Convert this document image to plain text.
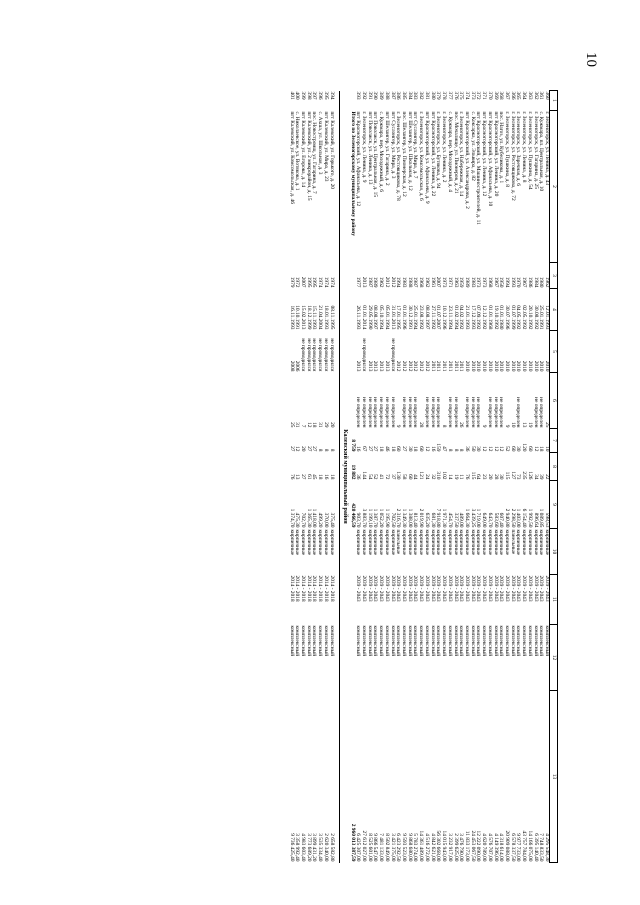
10
1	2	3	4	5	6	7	8	9	10	11	12	13
360	г. Зеленогорск, ул. Ленина, д. 43	1962	12.01.1993	2010	25	10	22	598,53	кирпичные	2039 - 2043	комплексный	4 295 548,30
361	с. Кужмара, пл. Центральная, д. 10	1980	25.01.1991	2010	не определен	18	39	1 089,85	кирпичные	2039 - 2043	комплексный	7 748 833,50
362	г. Зеленогорск, ул. Гагарина, д. 25	1984	30.08.1992	2010	не определен	12	34	896,64	кирпичные	2039 - 2043	комплексный	6 395 140,40
363	г. Зеленогорск, ул. Пушкина, д. 54	1986	20.10.1992	2010	19	60	126	1 992,50	кирпичные	2039 - 2043	комплексный	14 166 075,00
364	г. Зеленогорск, ул. Ленина, д. 8	1967	02.05.1992	2010	13	120	235	6 154,40	кирпичные	2039 - 2043	комплексный	43 757 784,00
365	г. Зеленогорск, ул. Заречная, д. 6	1970	04.05.1992	2010	не определен	30	73	1 403,00	кирпичные	2039 - 2043	комплексный	9 977 733,00
366	г. Зеленогорск, ул. Ростовщикова, д. 72	1993	01.07.1999	2010	10	60	127	2 298,50	панельные	2039 - 2043	комплексный	6 578 337,50
367	г. Зеленогорск, ул. Пушкина, д. 8	1994	30.07.1996	2010	9	52	115	2 940,80	кирпичные	2039 - 2043	комплексный	20 909 088,00
368	пос. Нагоз, ул. Кубеликова, д. 1	1950	01.01.1980	2010	не определен	12	30	607,40	кирпичные	2039 - 2043	комплексный	4 318 614,00
369	пгт Красногорский, ул. Ленина, д. 20	1967	19.10.1992	2010	не определен	12	28	583,60	кирпичные	2039 - 2043	комплексный	4 149 396,00
370	пгт Красногорский, ул. Афанасьева, д. 10	1968	01.01.1968	2010	не определен	12	20	643,70	кирпичные	2039 - 2043	комплексный	4 576 707,00
371	пгт Красногорский, ул. Ленина, д. 12	1973	12.12.1992	2010	9	12	23	649,00	кирпичные	2039 - 2043	комплексный	4 620 789,00
372	пгт Красногорский, ул. Машиностроителей, д. 11	1973	07.09.1992	2010	не определен	30	64	1 719,00	кирпичные	2039 - 2043	комплексный	12 222 090,00
373	с. Коксарка, ул. Эльвира, д. 82	1983	17.12.1993	2010	не определен	50	115	3 439,25	кирпичные	2039 - 2043	комплексный	24 453 067,50
374	пгт Красногорский, ул. Александрова, д. 2	1989	21.01.1993	2010	не определен	36	76	1 664,30	кирпичные	2039 - 2043	комплексный	11 833 173,00
375	г. Зеленогорск, ул. Набережная, д. 14	1959	04.02.1992	2011	26	8	11	489,00	кирпичные	2039 - 2043	комплексный	3 476 790,00
376	пос. Мочалище, ул. Пионеров, д. 21	1963	01.02.1994	2011	не определен	8	19	337,50	кирпичные	2039 - 2043	комплексный	2 399 625,00
377	с. Кужмара, пер. Молодежный, д. 4	1971	23.11.1994	2011	не определен	8	14	454,70	кирпичные	2039 - 2043	комплексный	3 232 917,00
378	г. Зеленогорск, ул. Ленина, д. 2	1973	10.12.1996	2011	8	47	102	1 971,30	кирпичные	2039 - 2043	комплексный	14 015 943,00
379	г. Зеленогорск, ул. Бутякова, д. 94	2007	01.07.2007	2011	не определен	159	310	7 918,80	кирпичные	2039 - 2043	комплексный	56 302 668,00
380	пгт Красногорский, ул. Ленина, д. 22	1961	27.11.1992	2011	не определен	16	32	681,30	кирпичные	2039 - 2043	комплексный	4 842 621,00
381	пгт Красногорский, ул. Афанасьева, д. 9	1962	08.08.1997	2012	не определен	12	24	635,20	кирпичные	2039 - 2043	комплексный	4 516 272,00
382	г. Зеленогорск, ул. Комсомольская, д. 6	1968	23.08.1992	2012	28	60	121	2 019,90	кирпичные	2039 - 2043	комплексный	14 361 489,00
383	пгт Суслонгер, ул. Мира, д. 7	1987	25.01.1994	2012	не определен	18	44	813,40	кирпичные	2039 - 2043	комплексный	5 783 274,00
384	пгт Шелангер, ул. Школьная, д. 12	1988	30.12.1991	2012	не определен	30	60	1 388,00	кирпичные	2039 - 2043	комплексный	9 868 680,00
385	пос. Шелангер, ул. Пионерская, д. 12	1983	01.01.1996	2012	не определен	27	58	1 349,30	кирпичные	2039 - 2043	комплексный	9 593 523,00
386	г. Зеленогорск, ул. Ростовщикова, д. 78	1994	17.01.1995	2012	9	60	130	2 316,70	панельные	2039 - 2043	комплексный	6 423 292,50
387	пгт Суслонгер, ул. Мира, д. 3	2012	31.01.2013	не проводился	не определен	18	37	702,50	кирпичные	2039 - 2043	комплексный	3 421 375,00
388	пгт Шелангер, ул. Гагарина, д. 2	2012	05.01.1994	2013	не определен	46	72	1 195,90	кирпичные	2039 - 2043	комплексный	8 502 849,00
389	с. Кужмара, пер. Молодежный, д. 6	1962	05.10.1994	2013	не определен	18	41	1 052,20	кирпичные	2039 - 2043	комплексный	7 481 133,00
390	пгт Поволжск, ул. Центральная, д. 15	1989	08.08.1997	2013	не определен	27	52	1 387,70	кирпичные	2039 - 2043	комплексный	9 866 547,00
391	пгт Поволжск, ул. Ленина, д. 13	1987	29.05.1990	2013	не определен	27	54	1 199,10	кирпичные	2039 - 2043	комплексный	8 525 601,00
392	г. Зеленогорск, ул. Ленина, д. 9	2013	01.01.2014	не проводился	не определен	67	144	3 883,70	кирпичные	2039 - 2043	комплексный	27 612 027,00
393	пгт Красногорский, ул. Афанасьева, д. 12	1977	26.11.1993	2013	не определен	16	36	903,70	кирпичные	2039 - 2043	комплексный	6 425 307,00
	Итого по Зеленогорскому муниципальному району					8 759	19 882	420 466,59				2 960 013 387,59
Калевский муниципальный район												

394	пгт Калевский, ул. Горького, д. 20	1974	08.11.1995	не проводился	20	8	18	375,40	кирпичные	2014 - 2018	комплексный	2 658 582,80
395	пгт Калевский, ул. Мира, д. 23	1974	18.01.1993	не проводился	29	8	16	370,00	кирпичные	2014 - 2018	комплексный	2 620 340,00
396	с. Ахша, ул. Школьная, д. 3	1974	21.04.2004	не проводился	31	8	18	499,20	кирпичные	2014 - 2018	комплексный	3 535 334,40
397	пос. Новостроищ, ул. Гагарина, д. 7	1995	15.11.1993	не проводился	18	27	45	1 418,00	кирпичные	2014 - 2018	комплексный	3 899 431,20
398	пгт Калевский, ул. 2 микрорайон, д. 15	1995	18.12.1999	не проводился	12	27	61	1 365,30	кирпичные	2014 - 2018	комплексный	3 773 689,20
399	пгт Калевский, ул. Егорова, д. 14	2007	15.02.2013	не проводился	7	20	27	702,70	кирпичные	2014 - 2018	комплексный	4 983 603,40
400	с. Николаевское, ул. Вотякова, д. 1	1972	10.10.1991	2006	31	12	13	475,30	кирпичные	2014 - 2018	комплексный	3 358 992,40
401	пгт Калевский, ул. Комсомольская, д. 46	1979	16.11.1993	2008	25	27	76	1 374,70	кирпичные	2014 - 2018	комплексный	9 736 425,40
